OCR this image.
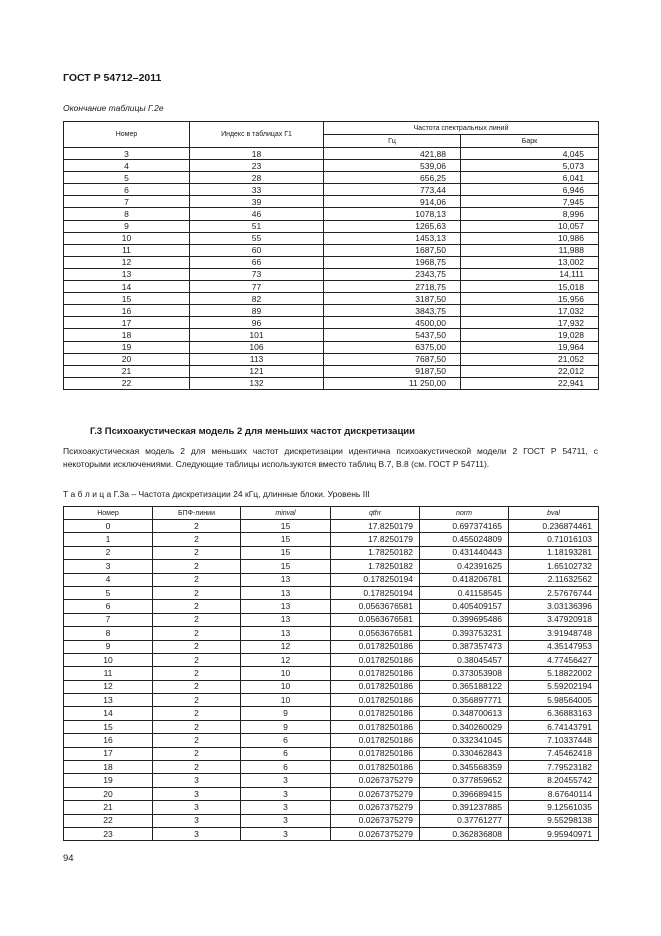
ГОСТ Р 54712–2011
Окончание таблицы Г.2е
Номер	Индекс в таблицах Г1	Частота спектральных линий	
		Гц	Барк
3	18	421,88	4,045
4	23	539,06	5,073
5	28	656,25	6,041
6	33	773,44	6,946
7	39	914,06	7,945
8	46	1078,13	8,996
9	51	1265,63	10,057
10	55	1453,13	10,986
11	60	1687,50	11,988
12	66	1968,75	13,002
13	73	2343,75	14,111
14	77	2718,75	15,018
15	82	3187,50	15,956
16	89	3843,75	17,032
17	96	4500,00	17,932
18	101	5437,50	19,028
19	106	6375,00	19,964
20	113	7687,50	21,052
21	121	9187,50	22,012
22	132	11 250,00	22,941
Г.3 Психоакустическая модель 2 для меньших частот дискретизации
Психоакустическая модель 2 для меньших частот дискретизации идентична психоакустической модели 2 ГОСТ Р 54711, с некоторыми исключениями. Следующие таблицы используются вместо таблиц В.7, В.8 (см. ГОСТ Р 54711).
Т а б л и ц а Г.3а – Частота дискретизации 24 кГц, длинные блоки. Уровень III
Номер	БПФ-линии	minval	qthr	norm	bval
0	2	15	17.8250179	0.697374165	0.236874461
1	2	15	17.8250179	0.455024809	0.71016103
2	2	15	1.78250182	0.431440443	1.18193281
3	2	15	1.78250182	0.42391625	1.65102732
4	2	13	0.178250194	0.418206781	2.11632562
5	2	13	0.178250194	0.41158545	2.57676744
6	2	13	0.0563676581	0.405409157	3.03136396
7	2	13	0.0563676581	0.399695486	3.47920918
8	2	13	0.0563676581	0.393753231	3.91948748
9	2	12	0.0178250186	0.387357473	4.35147953
10	2	12	0.0178250186	0.38045457	4.77456427
11	2	10	0.0178250186	0.373053908	5.18822002
12	2	10	0.0178250186	0.365188122	5.59202194
13	2	10	0.0178250186	0.356897771	5.98564005
14	2	9	0.0178250186	0.348700613	6.36883163
15	2	9	0.0178250186	0.340260029	6.74143791
16	2	6	0.0178250186	0.332341045	7.10337448
17	2	6	0.0178250186	0.330462843	7.45462418
18	2	6	0.0178250186	0.345568359	7.79523182
19	3	3	0.0267375279	0.377859652	8.20455742
20	3	3	0.0267375279	0.396689415	8.67640114
21	3	3	0.0267375279	0.391237885	9.12561035
22	3	3	0.0267375279	0.37761277	9.55298138
23	3	3	0.0267375279	0.362836808	9.95940971
94
